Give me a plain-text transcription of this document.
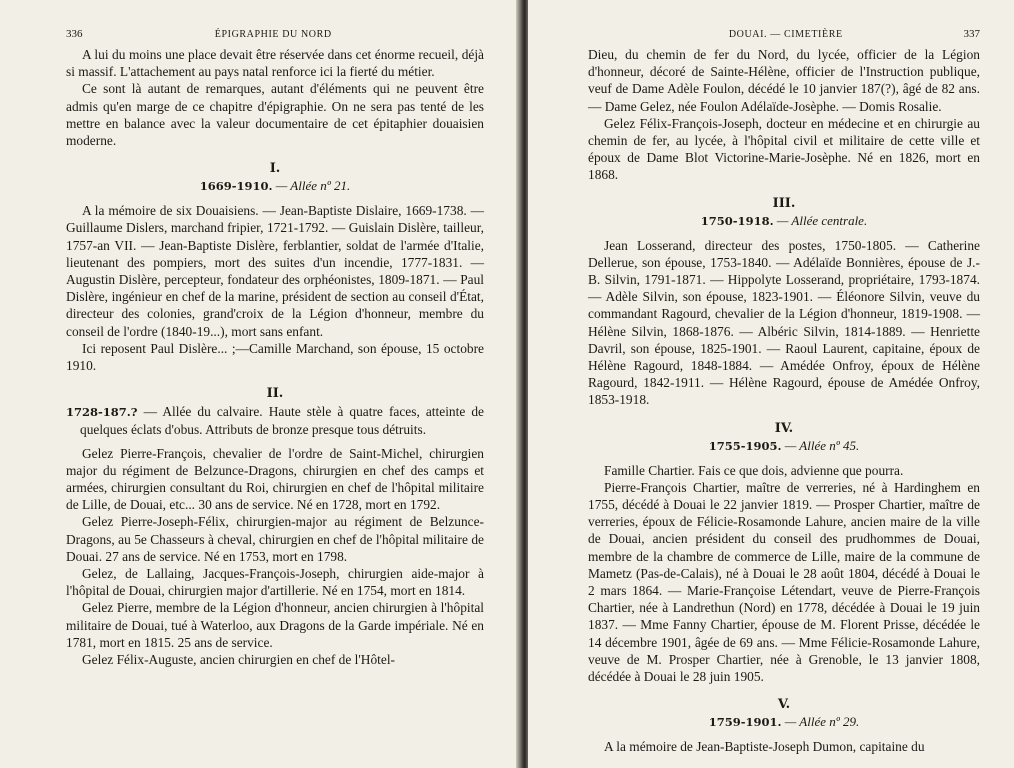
336	ÉPIGRAPHIE DU NORD

A lui du moins une place devait être réservée dans cet énorme recueil, déjà si massif. L'attachement au pays natal renforce ici la fierté du métier.

Ce sont là autant de remarques, autant d'éléments qui ne peuvent être admis qu'en marge de ce chapitre d'épigraphie. On ne sera pas tenté de les mettre en balance avec la valeur documentaire de cet épitaphier douaisien moderne.

I.
1669-1910. — Allée nº 21.

A la mémoire de six Douaisiens. — Jean-Baptiste Dislaire, 1669-1738. — Guillaume Dislers, marchand fripier, 1721-1792. — Guislain Dislère, tailleur, 1757-an VII. — Jean-Baptiste Dislère, ferblantier, soldat de l'armée d'Italie, lieutenant des pompiers, mort des suites d'un incendie, 1777-1831. — Augustin Dislère, percepteur, fondateur des orphéonistes, 1809-1871. — Paul Dislère, ingénieur en chef de la marine, président de section au conseil d'État, directeur des colonies, grand'croix de la Légion d'honneur, membre du conseil de l'ordre (1840-19...), mort sans enfant.

Ici reposent Paul Dislère... ;—Camille Marchand, son épouse, 15 octobre 1910.

II.

1728-187.? — Allée du calvaire. Haute stèle à quatre faces, atteinte de quelques éclats d'obus. Attributs de bronze presque tous détruits.

Gelez Pierre-François, chevalier de l'ordre de Saint-Michel, chirurgien major du régiment de Belzunce-Dragons, chirurgien en chef des camps et armées, chirurgien consultant du Roi, chirurgien en chef de l'hôpital militaire de Lille, de Douai, etc... 30 ans de service. Né en 1728, mort en 1792.

Gelez Pierre-Joseph-Félix, chirurgien-major au régiment de Belzunce-Dragons, au 5e Chasseurs à cheval, chirurgien en chef de l'hôpital militaire de Douai. 27 ans de service. Né en 1753, mort en 1798.

Gelez, de Lallaing, Jacques-François-Joseph, chirurgien aide-major à l'hôpital de Douai, chirurgien major d'artillerie. Né en 1754, mort en 1814.

Gelez Pierre, membre de la Légion d'honneur, ancien chirurgien à l'hôpital militaire de Douai, tué à Waterloo, aux Dragons de la Garde impériale. Né en 1781, mort en 1815. 25 ans de service.

Gelez Félix-Auguste, ancien chirurgien en chef de l'Hôtel-

DOUAI. — CIMETIÈRE	337

Dieu, du chemin de fer du Nord, du lycée, officier de la Légion d'honneur, décoré de Sainte-Hélène, officier de l'Instruction publique, veuf de Dame Adèle Foulon, décédé le 10 janvier 187(?), âgé de 82 ans. — Dame Gelez, née Foulon Adélaïde-Josèphe. — Domis Rosalie.

Gelez Félix-François-Joseph, docteur en médecine et en chirurgie au chemin de fer, au lycée, à l'hôpital civil et militaire de cette ville et époux de Dame Blot Victorine-Marie-Josèphe. Né en 1826, mort en 1868.

III.
1750-1918. — Allée centrale.

Jean Losserand, directeur des postes, 1750-1805. — Catherine Dellerue, son épouse, 1753-1840. — Adélaïde Bonnières, épouse de J.-B. Silvin, 1791-1871. — Hippolyte Losserand, propriétaire, 1793-1874. — Adèle Silvin, son épouse, 1823-1901. — Éléonore Silvin, veuve du commandant Ragourd, chevalier de la Légion d'honneur, 1819-1908. — Hélène Silvin, 1868-1876. — Albéric Silvin, 1814-1889. — Henriette Davril, son épouse, 1825-1901. — Raoul Laurent, capitaine, époux de Hélène Ragourd, 1848-1884. — Amédée Onfroy, époux de Hélène Ragourd, 1842-1911. — Hélène Ragourd, épouse de Amédée Onfroy, 1853-1918.

IV.
1755-1905. — Allée nº 45.

Famille Chartier. Fais ce que dois, advienne que pourra.

Pierre-François Chartier, maître de verreries, né à Hardinghem en 1755, décédé à Douai le 22 janvier 1819. — Prosper Chartier, maître de verreries, époux de Félicie-Rosamonde Lahure, ancien maire de la ville de Douai, ancien président du conseil des prudhommes de Douai, membre de la chambre de commerce de Lille, maire de la commune de Mametz (Pas-de-Calais), né à Douai le 28 août 1804, décédé à Douai le 2 mars 1864. — Marie-Françoise Létendart, veuve de Pierre-François Chartier, née à Landrethun (Nord) en 1778, décédée à Douai le 19 juin 1837. — Mme Fanny Chartier, épouse de M. Florent Prisse, décédée le 14 décembre 1901, âgée de 69 ans. — Mme Félicie-Rosamonde Lahure, veuve de M. Prosper Chartier, née à Grenoble, le 13 janvier 1808, décédée à Douai le 28 juin 1905.

V.
1759-1901. — Allée nº 29.

A la mémoire de Jean-Baptiste-Joseph Dumon, capitaine du
